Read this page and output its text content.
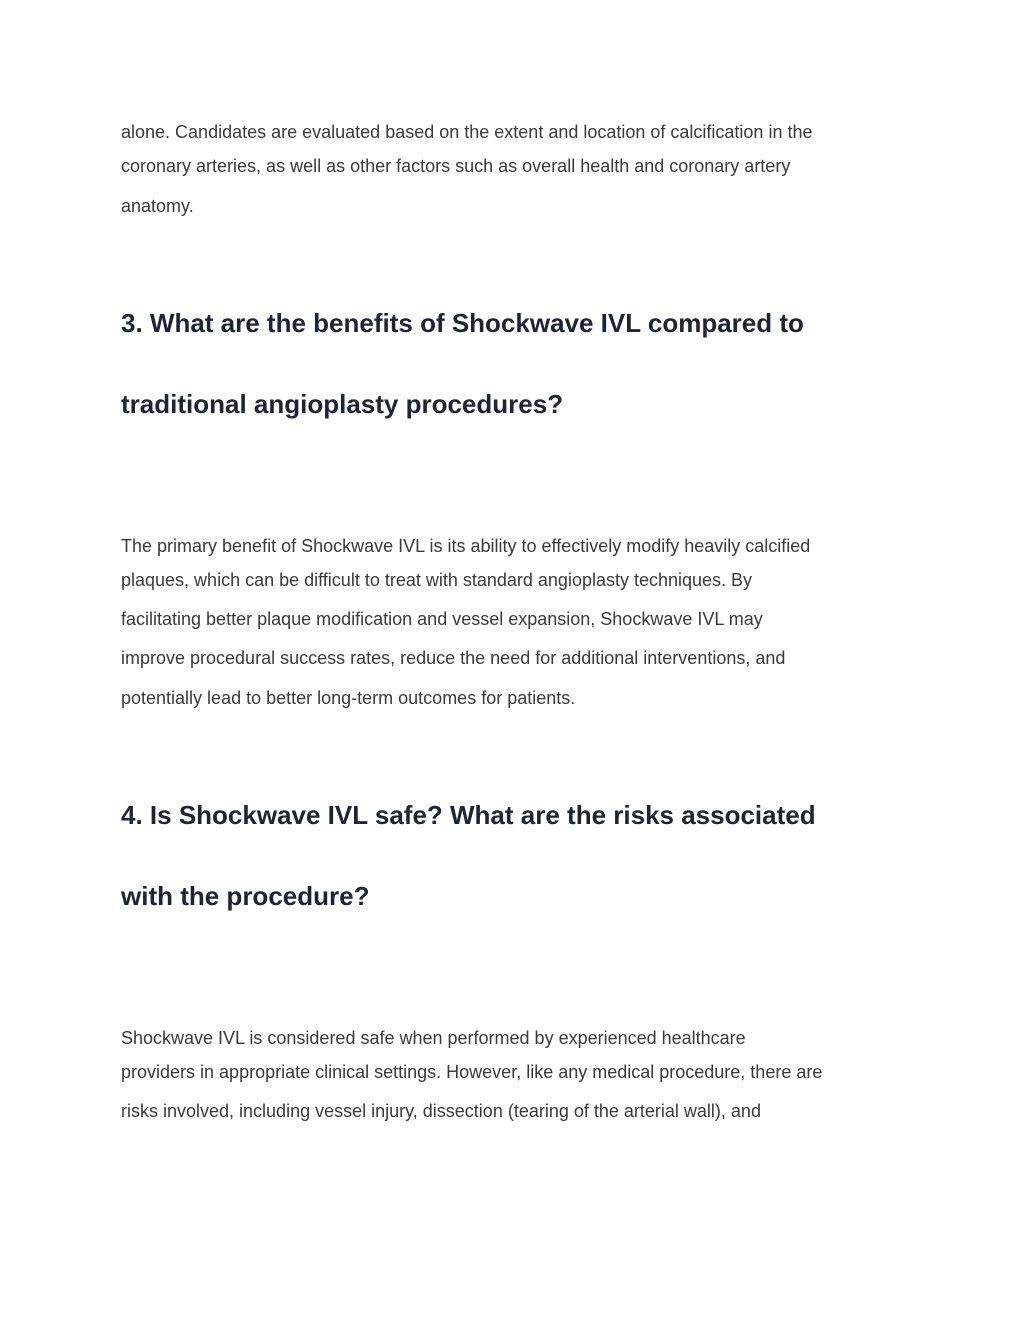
alone. Candidates are evaluated based on the extent and location of calcification in the

coronary arteries, as well as other factors such as overall health and coronary artery

anatomy.

3. What are the benefits of Shockwave IVL compared to
traditional angioplasty procedures?

The primary benefit of Shockwave IVL is its ability to effectively modify heavily calcified

plaques, which can be difficult to treat with standard angioplasty techniques. By

facilitating better plaque modification and vessel expansion, Shockwave IVL may

improve procedural success rates, reduce the need for additional interventions, and

potentially lead to better long-term outcomes for patients.

4. Is Shockwave IVL safe? What are the risks associated
with the procedure?

Shockwave IVL is considered safe when performed by experienced healthcare

providers in appropriate clinical settings. However, like any medical procedure, there are

risks involved, including vessel injury, dissection (tearing of the arterial wall), and
